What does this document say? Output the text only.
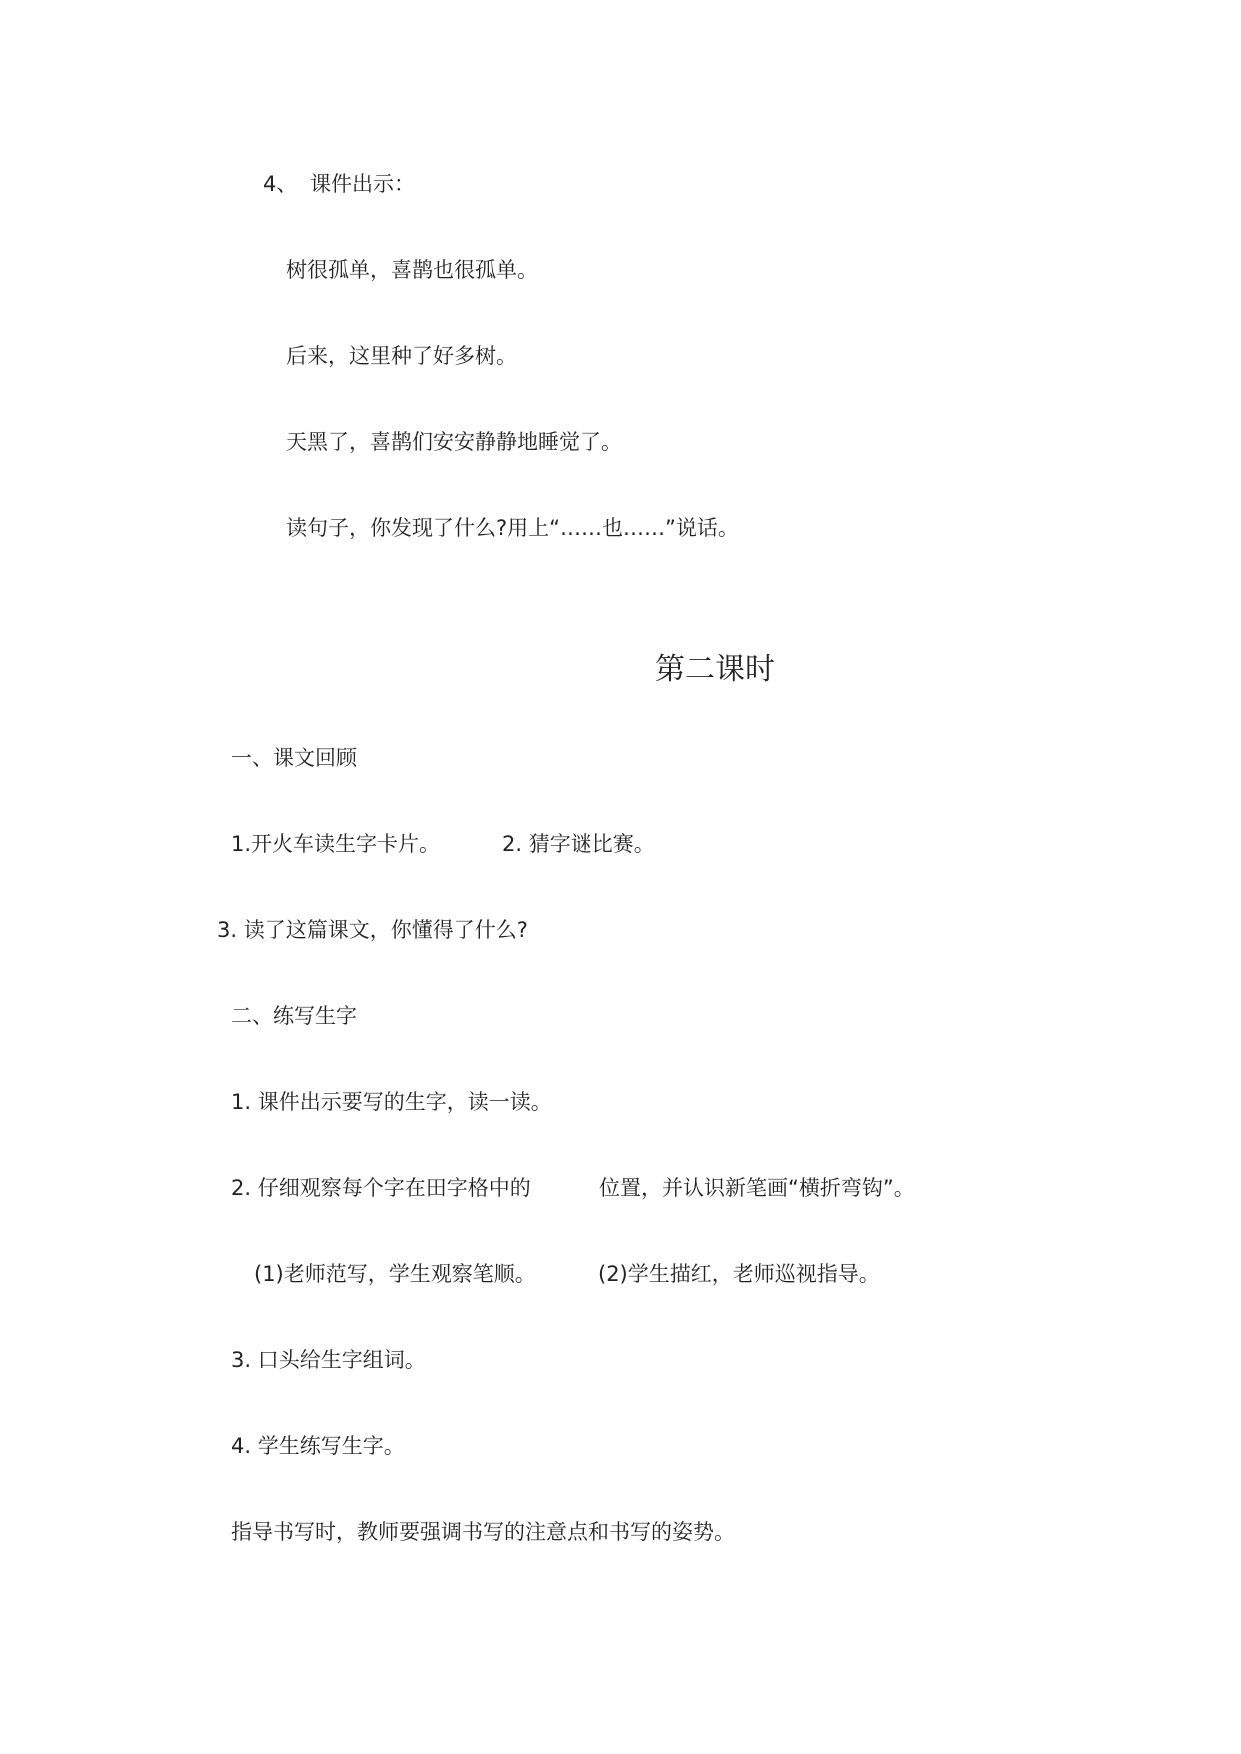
4、 课件出示：
树很孤单，喜鹊也很孤单。
后来，这里种了好多树。
天黑了，喜鹊们安安静静地睡觉了。
读句子，你发现了什么?用上“……也……”说话。
第二课时
一、课文回顾
1.开火车读生字卡片。	2. 猜字谜比赛。
3. 读了这篇课文，你懂得了什么?
二、练写生字
1. 课件出示要写的生字，读一读。
2. 仔细观察每个字在田字格中的	位置，并认识新笔画“横折弯钩”。
(1)老师范写，学生观察笔顺。	(2)学生描红，老师巡视指导。
3. 口头给生字组词。
4. 学生练写生字。
指导书写时，教师要强调书写的注意点和书写的姿势。
